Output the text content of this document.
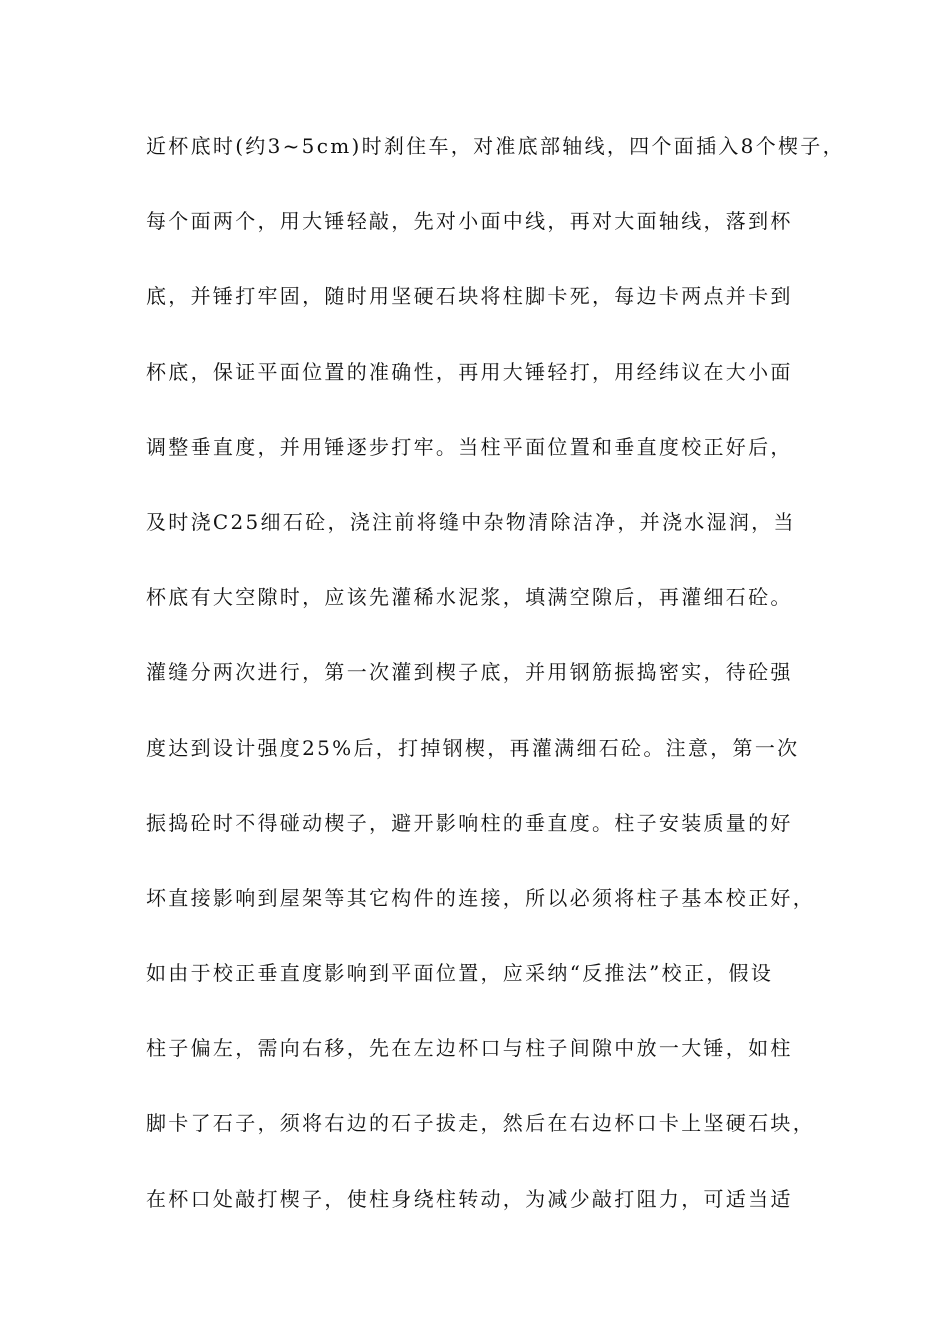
近杯底时(约3~5cm)时刹住车，对准底部轴线，四个面插入8个楔子，
每个面两个，用大锤轻敲，先对小面中线，再对大面轴线，落到杯
底，并锤打牢固，随时用坚硬石块将柱脚卡死，每边卡两点并卡到
杯底，保证平面位置的准确性，再用大锤轻打，用经纬议在大小面
调整垂直度，并用锤逐步打牢。当柱平面位置和垂直度校正好后，
及时浇C25细石砼，浇注前将缝中杂物清除洁净，并浇水湿润，当
杯底有大空隙时，应该先灌稀水泥浆，填满空隙后，再灌细石砼。
灌缝分两次进行，第一次灌到楔子底，并用钢筋振捣密实，待砼强
度达到设计强度25%后，打掉钢楔，再灌满细石砼。注意，第一次
振捣砼时不得碰动楔子，避开影响柱的垂直度。柱子安装质量的好
坏直接影响到屋架等其它构件的连接，所以必须将柱子基本校正好，
如由于校正垂直度影响到平面位置，应采纳“反推法”校正，假设
柱子偏左，需向右移，先在左边杯口与柱子间隙中放一大锤，如柱
脚卡了石子，须将右边的石子拔走，然后在右边杯口卡上坚硬石块，
在杯口处敲打楔子，使柱身绕柱转动，为减少敲打阻力，可适当适
